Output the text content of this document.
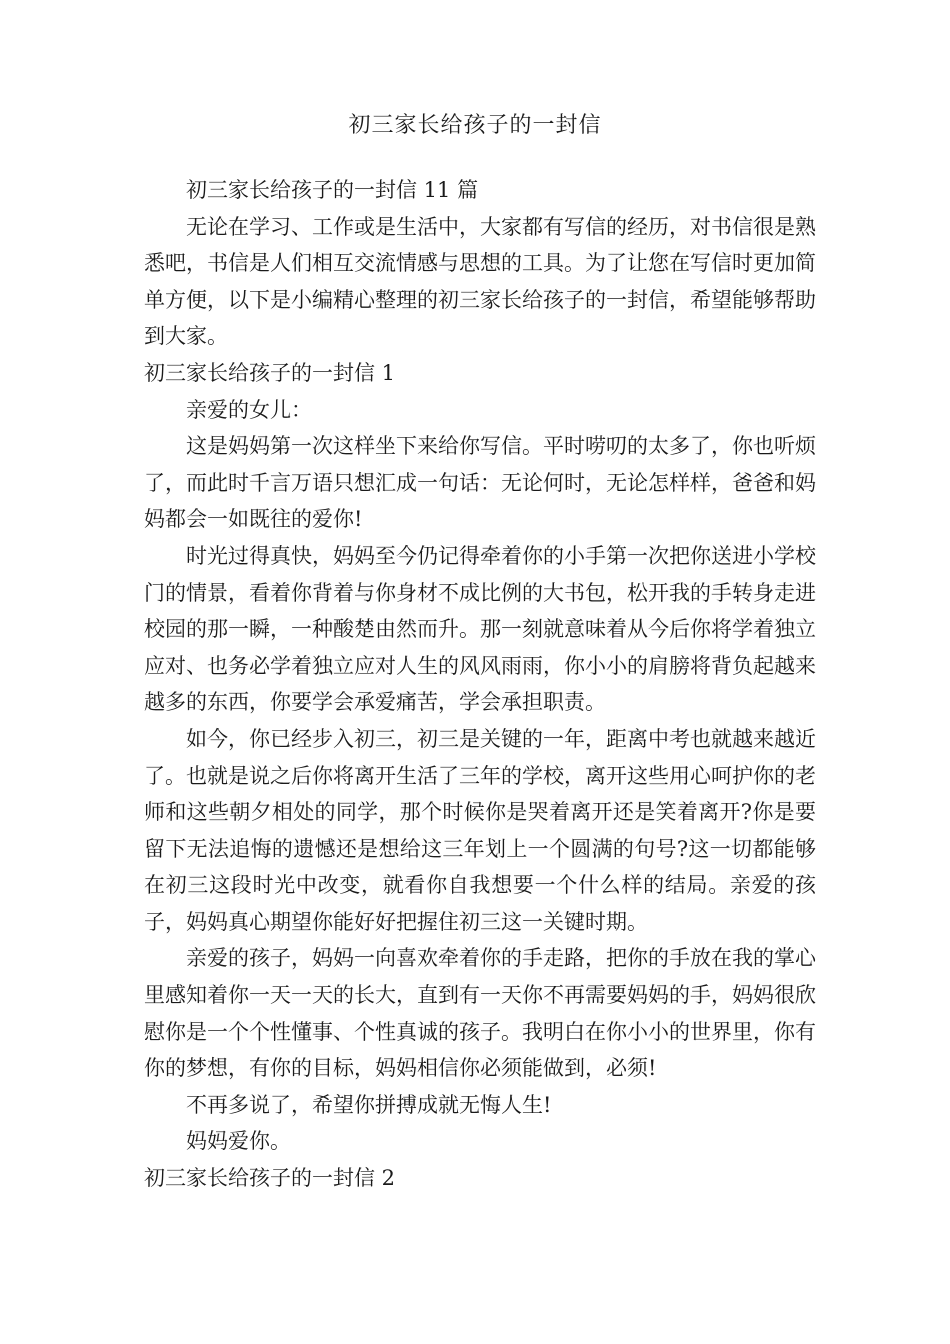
初三家长给孩子的一封信

初三家长给孩子的一封信 11 篇

无论在学习、工作或是生活中，大家都有写信的经历，对书信很是熟悉吧，书信是人们相互交流情感与思想的工具。为了让您在写信时更加简单方便，以下是小编精心整理的初三家长给孩子的一封信，希望能够帮助到大家。

初三家长给孩子的一封信 1

亲爱的女儿：

这是妈妈第一次这样坐下来给你写信。平时唠叨的太多了，你也听烦了，而此时千言万语只想汇成一句话：无论何时，无论怎样样，爸爸和妈妈都会一如既往的爱你!

时光过得真快，妈妈至今仍记得牵着你的小手第一次把你送进小学校门的情景，看着你背着与你身材不成比例的大书包，松开我的手转身走进校园的那一瞬，一种酸楚由然而升。那一刻就意味着从今后你将学着独立应对、也务必学着独立应对人生的风风雨雨，你小小的肩膀将背负起越来越多的东西，你要学会承爱痛苦，学会承担职责。

如今，你已经步入初三，初三是关键的一年，距离中考也就越来越近了。也就是说之后你将离开生活了三年的学校，离开这些用心呵护你的老师和这些朝夕相处的同学，那个时候你是哭着离开还是笑着离开?你是要留下无法追悔的遗憾还是想给这三年划上一个圆满的句号?这一切都能够在初三这段时光中改变，就看你自我想要一个什么样的结局。亲爱的孩子，妈妈真心期望你能好好把握住初三这一关键时期。

亲爱的孩子，妈妈一向喜欢牵着你的手走路，把你的手放在我的掌心里感知着你一天一天的长大，直到有一天你不再需要妈妈的手，妈妈很欣慰你是一个个性懂事、个性真诚的孩子。我明白在你小小的世界里，你有你的梦想，有你的目标，妈妈相信你必须能做到，必须!

不再多说了，希望你拼搏成就无悔人生!

妈妈爱你。

初三家长给孩子的一封信 2
